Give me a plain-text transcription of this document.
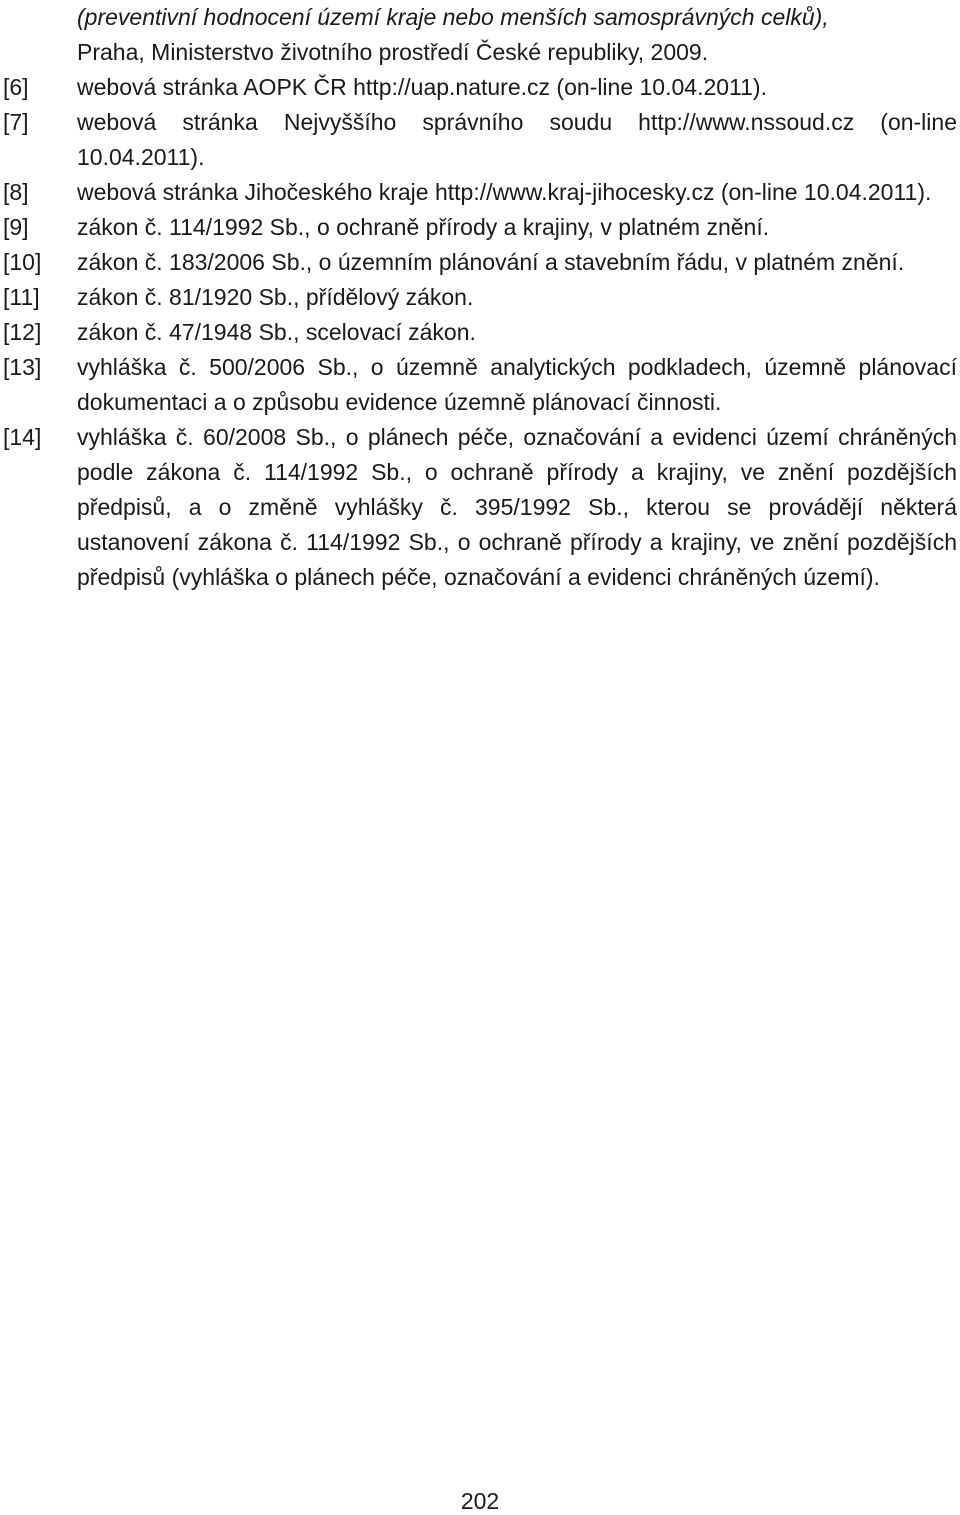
(preventivní hodnocení území kraje nebo menších samosprávných celků),
Praha, Ministerstvo životního prostředí České republiky, 2009.
[6] webová stránka AOPK ČR http://uap.nature.cz (on-line 10.04.2011).
[7] webová stránka Nejvyššího správního soudu http://www.nssoud.cz (on-line 10.04.2011).
[8] webová stránka Jihočeského kraje http://www.kraj-jihocesky.cz (on-line 10.04.2011).
[9] zákon č. 114/1992 Sb., o ochraně přírody a krajiny, v platném znění.
[10] zákon č. 183/2006 Sb., o územním plánování a stavebním řádu, v platném znění.
[11] zákon č. 81/1920 Sb., přídělový zákon.
[12] zákon č. 47/1948 Sb., scelovací zákon.
[13] vyhláška č. 500/2006 Sb., o územně analytických podkladech, územně plánovací dokumentaci a o způsobu evidence územně plánovací činnosti.
[14] vyhláška č. 60/2008 Sb., o plánech péče, označování a evidenci území chráněných podle zákona č. 114/1992 Sb., o ochraně přírody a krajiny, ve znění pozdějších předpisů, a o změně vyhlášky č. 395/1992 Sb., kterou se provádějí některá ustanovení zákona č. 114/1992 Sb., o ochraně přírody a krajiny, ve znění pozdějších předpisů (vyhláška o plánech péče, označování a evidenci chráněných území).
202
